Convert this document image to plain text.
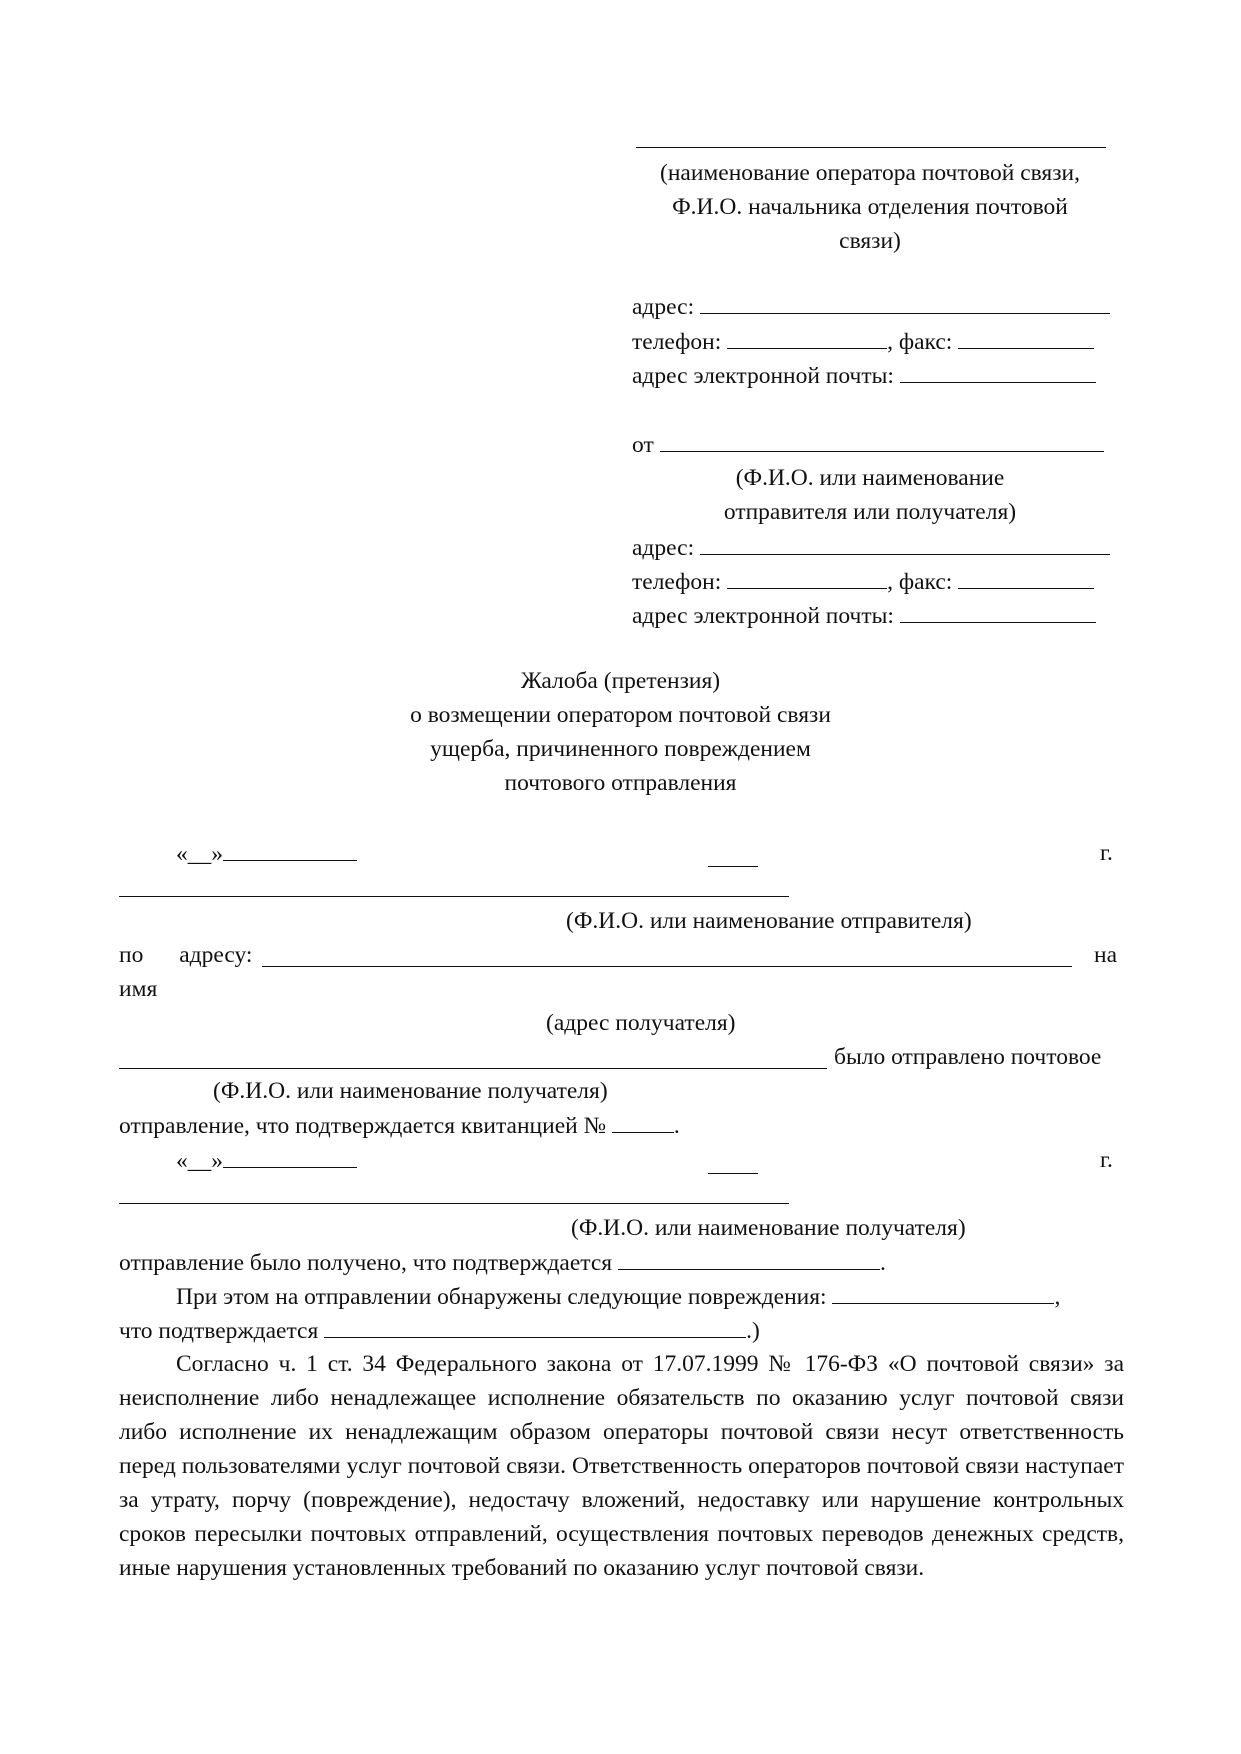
(наименование оператора почтовой связи,
Ф.И.О. начальника отделения почтовой
связи)
адрес:
телефон:	, факс:
адрес электронной почты:
от
(Ф.И.О. или наименование
отправителя или получателя)
адрес:
телефон:	, факс:
адрес электронной почты:
Жалоба (претензия)
о возмещении оператором почтовой связи
ущерба, причиненного повреждением
почтового отправления
«__»	г.
(Ф.И.О. или наименование отправителя)
по адресу:	на
имя
(адрес получателя)
было отправлено почтовое
(Ф.И.О. или наименование получателя)
отправление, что подтверждается квитанцией №	.
«__»	г.
(Ф.И.О. или наименование получателя)
отправление было получено, что подтверждается	.
При этом на отправлении обнаружены следующие повреждения:	,
что подтверждается	.)
Согласно ч. 1 ст. 34 Федерального закона от 17.07.1999 № 176-ФЗ «О почтовой связи» за неисполнение либо ненадлежащее исполнение обязательств по оказанию услуг почтовой связи либо исполнение их ненадлежащим образом операторы почтовой связи несут ответственность перед пользователями услуг почтовой связи. Ответственность операторов почтовой связи наступает за утрату, порчу (повреждение), недостачу вложений, недоставку или нарушение контрольных сроков пересылки почтовых отправлений, осуществления почтовых переводов денежных средств, иные нарушения установленных требований по оказанию услуг почтовой связи.
